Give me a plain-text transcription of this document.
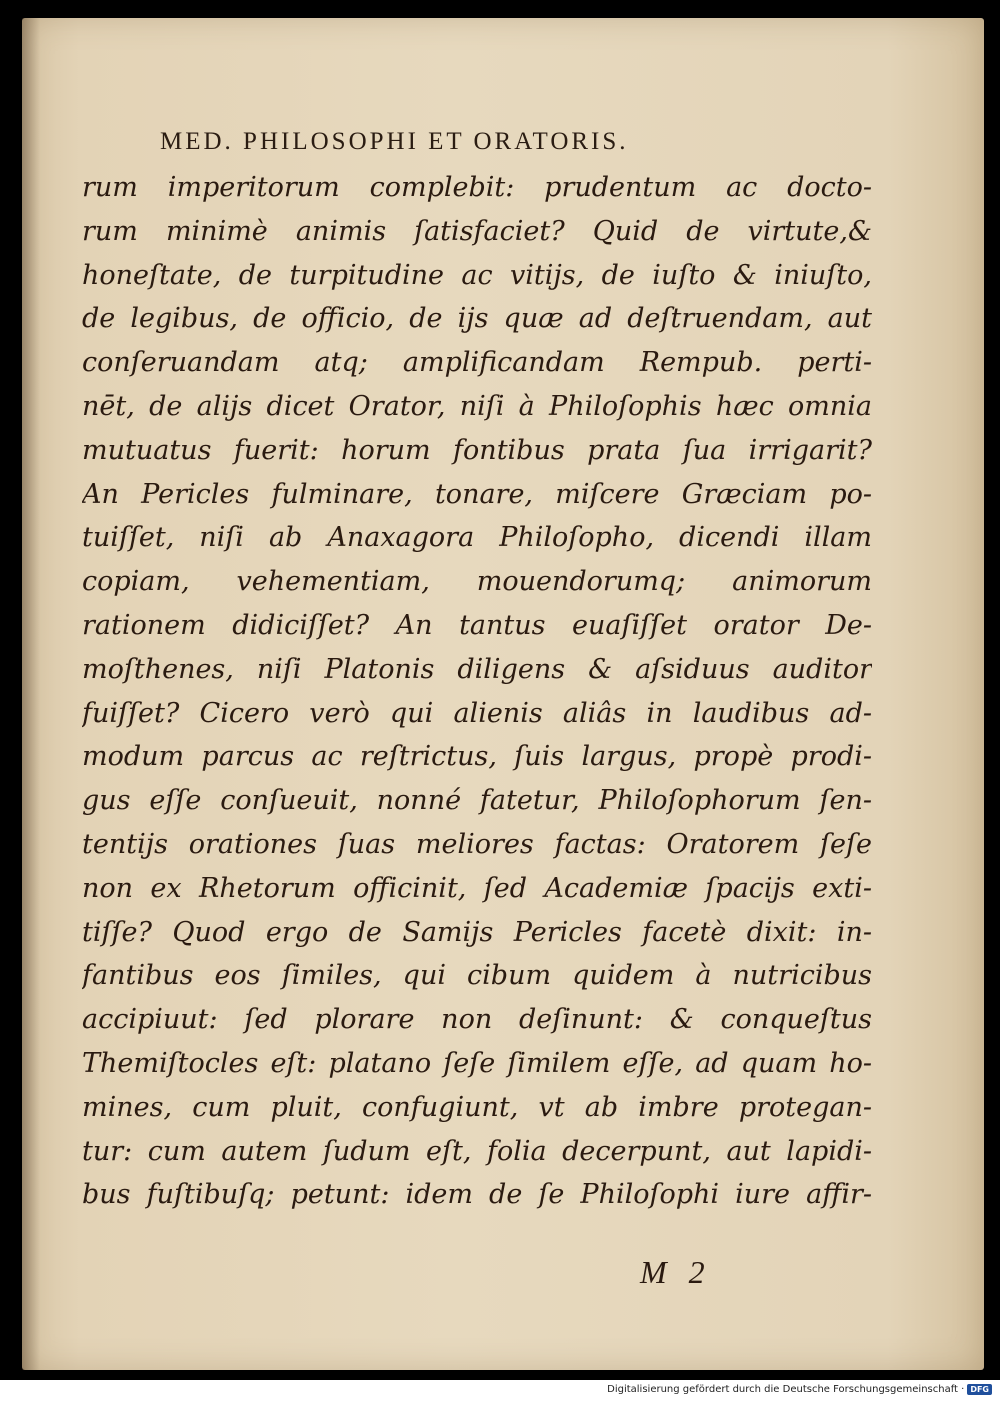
MED. PHILOSOPHI ET ORATORIS.
rum imperitorum complebit: prudentum ac docto-
rum minimè animis ſatisfaciet? Quid de virtute,&
honeſtate, de turpitudine ac vitijs, de iuſto & iniuſto,
de legibus, de officio, de ijs quæ ad deſtruendam, aut
conſeruandam atq; amplificandam Rempub. perti-
nēt, de alijs dicet Orator, niſi à Philoſophis hæc omnia
mutuatus fuerit: horum fontibus prata ſua irrigarit?
An Pericles fulminare, tonare, miſcere Græciam po-
tuiſſet, niſi ab Anaxagora Philoſopho, dicendi illam
copiam, vehementiam, mouendorumq; animorum
rationem didiciſſet? An tantus euaſiſſet orator De-
moſthenes, niſi Platonis diligens & aſsiduus auditor
fuiſſet? Cicero verò qui alienis aliâs in laudibus ad-
modum parcus ac reſtrictus, ſuis largus, propè prodi-
gus eſſe conſueuit, nonné fatetur, Philoſophorum ſen-
tentijs orationes ſuas meliores factas: Oratorem ſeſe
non ex Rhetorum officinit, ſed Academiæ ſpacijs exti-
tiſſe? Quod ergo de Samijs Pericles facetè dixit: in-
fantibus eos ſimiles, qui cibum quidem à nutricibus
accipiuut: ſed plorare non deſinunt: & conqueſtus
Themiſtocles eſt: platano ſeſe ſimilem eſſe, ad quam ho-
mines, cum pluit, confugiunt, vt ab imbre protegan-
tur: cum autem ſudum eſt, folia decerpunt, aut lapidi-
bus fuſtibuſq; petunt: idem de ſe Philoſophi iure affir-
M 2
Digitalisierung gefördert durch die Deutsche Forschungsgemeinschaft · DFG
